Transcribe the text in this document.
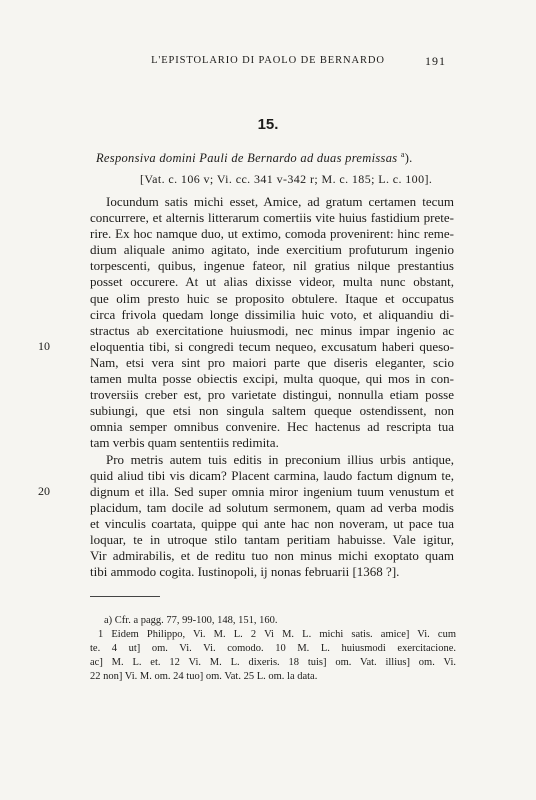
L'EPISTOLARIO DI PAOLO DE BERNARDO	191
15.
Responsiva domini Pauli de Bernardo ad duas premissas $^a$).
[Vat. c. 106 v; Vi. cc. 341 v-342 r; M. c. 185; L. c. 100].
Iocundum satis michi esset, Amice, ad gratum certamen tecum
concurrere, et alternis litterarum comertiis vite huius fastidium prete-
rire. Ex hoc namque duo, ut extimo, comoda provenirent: hinc reme-
dium aliquale animo agitato, inde exercitium profuturum ingenio
torpescenti, quibus, ingenue fateor, nil gratius nilque prestantius
posset occurere. At ut alias dixisse videor, multa nunc obstant,
que olim presto huic se proposito obtulere. Itaque et occupatus
circa frivola quedam longe dissimilia huic voto, et aliquandiu di-
stractus ab exercitatione huiusmodi, nec minus impar ingenio ac
eloquentia tibi, si congredi tecum nequeo, excusatum haberi queso-
Nam, etsi vera sint pro maiori parte que diseris eleganter, scio
tamen multa posse obiectis excipi, multa quoque, qui mos in con-
troversiis creber est, pro varietate distingui, nonnulla etiam posse
subiungi, que etsi non singula saltem queque ostendissent, non
omnia semper omnibus convenire. Hec hactenus ad rescripta tua
tam verbis quam sententiis redimita.
Pro metris autem tuis editis in preconium illius urbis antique,
quid aliud tibi vis dicam? Placent carmina, laudo factum dignum te,
dignum et illa. Sed super omnia miror ingenium tuum venustum et
placidum, tam docile ad solutum sermonem, quam ad verba modis
et vinculis coartata, quippe qui ante hac non noveram, ut pace tua
loquar, te in utroque stilo tantam peritiam habuisse. Vale igitur,
Vir admirabilis, et de reditu tuo non minus michi exoptato quam
tibi ammodo cogita. Iustinopoli, ij nonas februarii [1368 ?].
10
20
a) Cfr. a pagg. 77, 99-100, 148, 151, 160.
1 Eidem Philippo, Vi. M. L. 2 Vi M. L. michi satis. amice] Vi. cum
te. 4 ut] om. Vi. Vi. comodo. 10 M. L. huiusmodi exercitacione.
ac] M. L. et. 12 Vi. M. L. dixeris. 18 tuis] om. Vat. illius] om. Vi.
22 non] Vi. M. om. 24 tuo] om. Vat. 25 L. om. la data.
